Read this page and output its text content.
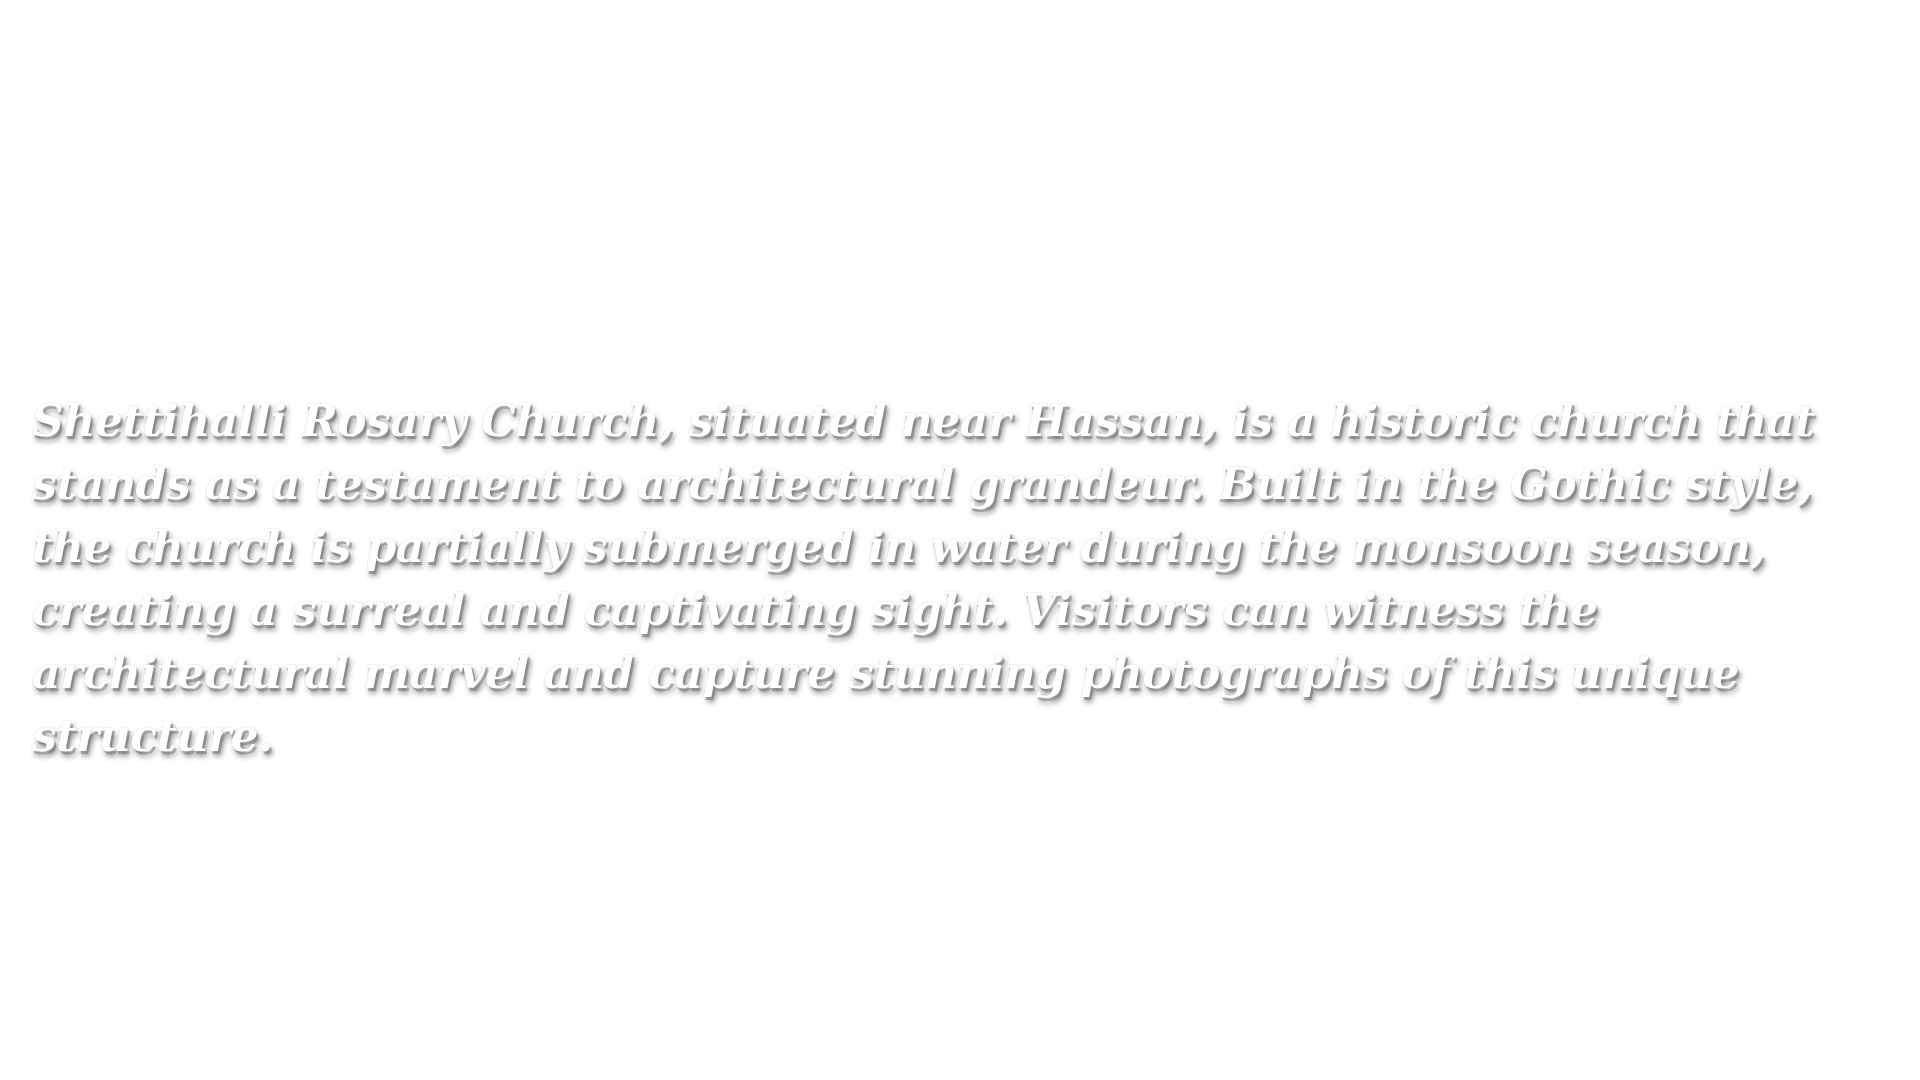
Shettihalli Rosary Church, situated near Hassan, is a historic church that stands as a testament to architectural grandeur. Built in the Gothic style, the church is partially submerged in water during the monsoon season, creating a surreal and captivating sight. Visitors can witness the architectural marvel and capture stunning photographs of this unique structure.
